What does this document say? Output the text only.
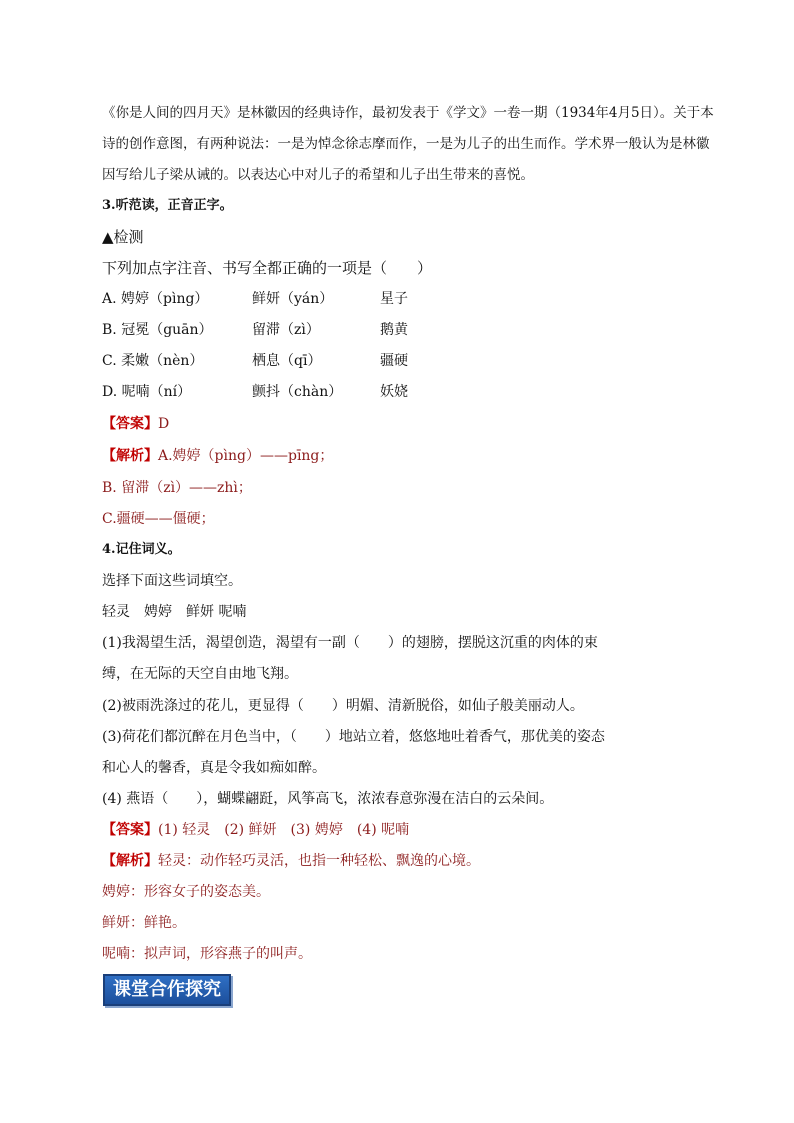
《你是人间的四月天》是林徽因的经典诗作，最初发表于《学文》一卷一期（1934年4月5日）。关于本诗的创作意图，有两种说法：一是为悼念徐志摩而作，一是为儿子的出生而作。学术界一般认为是林徽因写给儿子梁从诫的。以表达心中对儿子的希望和儿子出生带来的喜悦。
3.听范读，正音正字。
▲检测
下列加点字注音、书写全都正确的一项是（　　）
A. 娉婷（pìng）	鲜妍（yán）	星子
B. 冠冕（guān）	留滞（zì）	鹅黄
C. 柔嫩（nèn）	栖息（qī）	疆硬
D. 呢喃（ní）	颤抖（chàn）	妖娆
【答案】D
【解析】A.娉婷（pìng）——pīng；
B. 留滞（zì）——zhì；
C.疆硬——僵硬；
4.记住词义。
选择下面这些词填空。
轻灵　娉婷　鲜妍 呢喃
(1)我渴望生活，渴望创造，渴望有一副（　　）的翅膀，摆脱这沉重的肉体的束
缚，在无际的天空自由地飞翔。
(2)被雨洗涤过的花儿，更显得（　　）明媚、清新脱俗，如仙子般美丽动人。
(3)荷花们都沉醉在月色当中，（　　）地站立着，悠悠地吐着香气，那优美的姿态
和心人的馨香，真是令我如痴如醉。
(4) 燕语（　　），蝴蝶翩跹，风筝高飞，浓浓春意弥漫在洁白的云朵间。
【答案】(1) 轻灵　(2) 鲜妍　(3) 娉婷　(4) 呢喃
【解析】轻灵：动作轻巧灵活，也指一种轻松、飘逸的心境。
娉婷：形容女子的姿态美。
鲜妍：鲜艳。
呢喃：拟声词，形容燕子的叫声。
课堂合作探究
